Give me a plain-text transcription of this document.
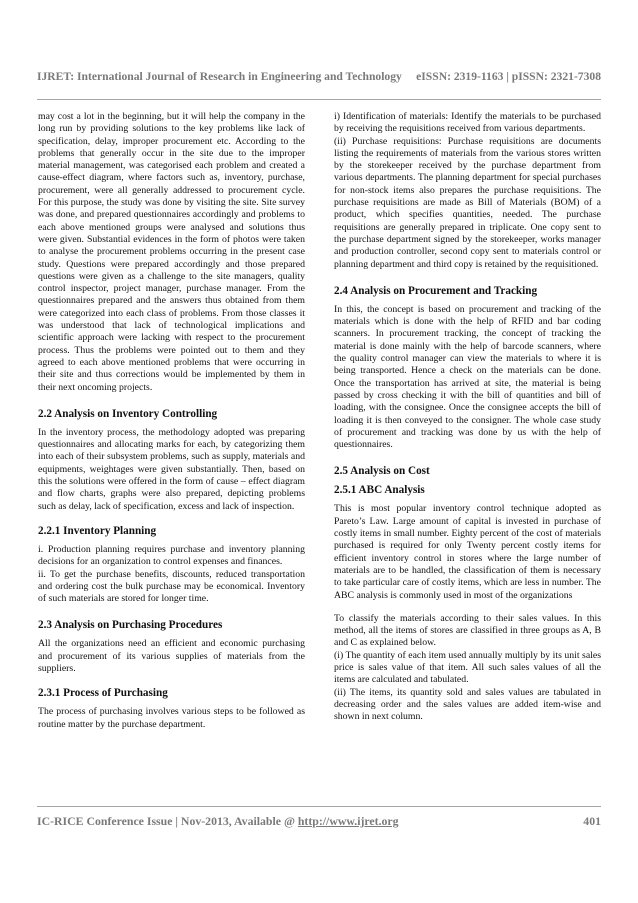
IJRET: International Journal of Research in Engineering and Technology eISSN: 2319-1163 | pISSN: 2321-7308

may cost a lot in the beginning, but it will help the company in the long run by providing solutions to the key problems like lack of specification, delay, improper procurement etc. According to the problems that generally occur in the site due to the improper material management, was categorised each problem and created a cause-effect diagram, where factors such as, inventory, purchase, procurement, were all generally addressed to procurement cycle. For this purpose, the study was done by visiting the site. Site survey was done, and prepared questionnaires accordingly and problems to each above mentioned groups were analysed and solutions thus were given. Substantial evidences in the form of photos were taken to analyse the procurement problems occurring in the present case study. Questions were prepared accordingly and those prepared questions were given as a challenge to the site managers, quality control inspector, project manager, purchase manager. From the questionnaires prepared and the answers thus obtained from them were categorized into each class of problems. From those classes it was understood that lack of technological implications and scientific approach were lacking with respect to the procurement process. Thus the problems were pointed out to them and they agreed to each above mentioned problems that were occurring in their site and thus corrections would be implemented by them in their next oncoming projects.

2.2 Analysis on Inventory Controlling

In the inventory process, the methodology adopted was preparing questionnaires and allocating marks for each, by categorizing them into each of their subsystem problems, such as supply, materials and equipments, weightages were given substantially. Then, based on this the solutions were offered in the form of cause – effect diagram and flow charts, graphs were also prepared, depicting problems such as delay, lack of specification, excess and lack of inspection.

2.2.1 Inventory Planning

i. Production planning requires purchase and inventory planning decisions for an organization to control expenses and finances.

ii. To get the purchase benefits, discounts, reduced transportation and ordering cost the bulk purchase may be economical. Inventory of such materials are stored for longer time.

2.3 Analysis on Purchasing Procedures

All the organizations need an efficient and economic purchasing and procurement of its various supplies of materials from the suppliers.

2.3.1 Process of Purchasing

The process of purchasing involves various steps to be followed as routine matter by the purchase department.

i) Identification of materials: Identify the materials to be purchased by receiving the requisitions received from various departments.

(ii) Purchase requisitions: Purchase requisitions are documents listing the requirements of materials from the various stores written by the storekeeper received by the purchase department from various departments. The planning department for special purchases for non-stock items also prepares the purchase requisitions. The purchase requisitions are made as Bill of Materials (BOM) of a product, which specifies quantities, needed. The purchase requisitions are generally prepared in triplicate. One copy sent to the purchase department signed by the storekeeper, works manager and production controller, second copy sent to materials control or planning department and third copy is retained by the requisitioned.

2.4 Analysis on Procurement and Tracking

In this, the concept is based on procurement and tracking of the materials which is done with the help of RFID and bar coding scanners. In procurement tracking, the concept of tracking the material is done mainly with the help of barcode scanners, where the quality control manager can view the materials to where it is being transported. Hence a check on the materials can be done. Once the transportation has arrived at site, the material is being passed by cross checking it with the bill of quantities and bill of loading, with the consignee. Once the consignee accepts the bill of loading it is then conveyed to the consigner. The whole case study of procurement and tracking was done by us with the help of questionnaires.

2.5 Analysis on Cost
2.5.1 ABC Analysis

This is most popular inventory control technique adopted as Pareto’s Law. Large amount of capital is invested in purchase of costly items in small number. Eighty percent of the cost of materials purchased is required for only Twenty percent costly items for efficient inventory control in stores where the large number of materials are to be handled, the classification of them is necessary to take particular care of costly items, which are less in number. The ABC analysis is commonly used in most of the organizations

To classify the materials according to their sales values. In this method, all the items of stores are classified in three groups as A, B and C as explained below.

(i) The quantity of each item used annually multiply by its unit sales price is sales value of that item. All such sales values of all the items are calculated and tabulated.

(ii) The items, its quantity sold and sales values are tabulated in decreasing order and the sales values are added item-wise and shown in next column.

IC-RICE Conference Issue | Nov-2013, Available @ http://www.ijret.org	401
